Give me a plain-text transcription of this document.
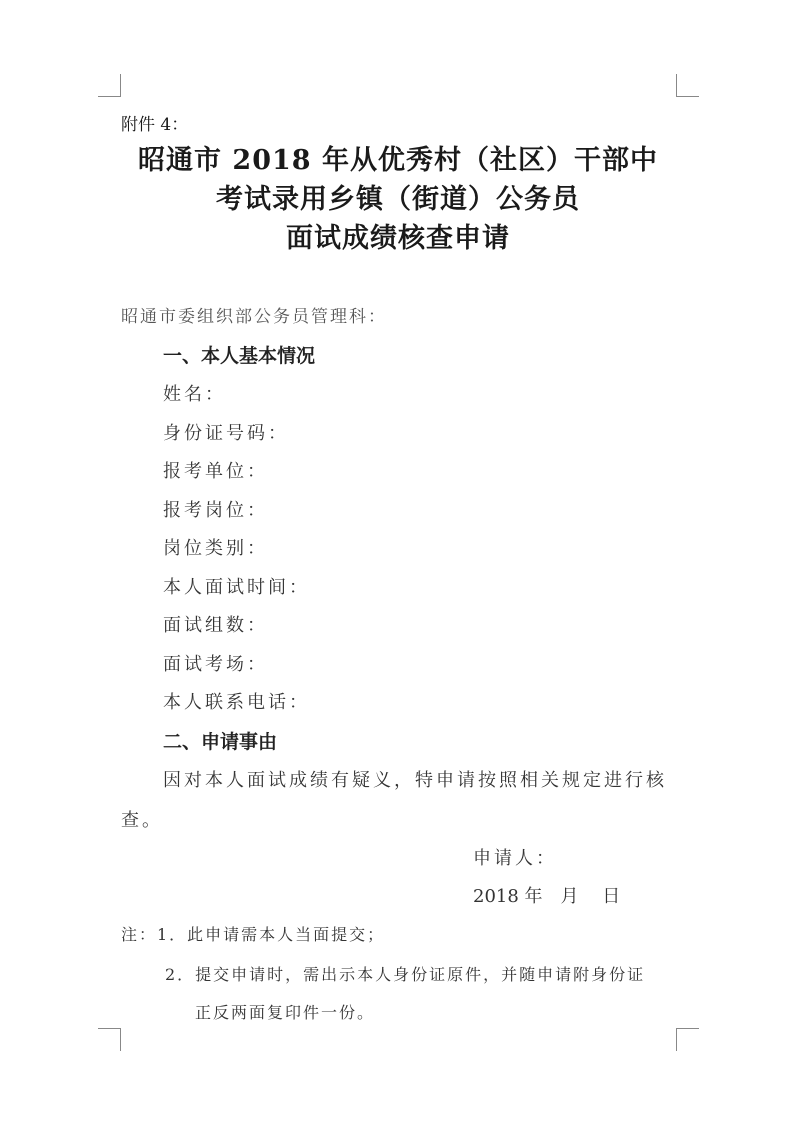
附件 4：
昭通市 2018 年从优秀村（社区）干部中
考试录用乡镇（街道）公务员
面试成绩核查申请
昭通市委组织部公务员管理科：
一、本人基本情况
姓名：
身份证号码：
报考单位：
报考岗位：
岗位类别：
本人面试时间：
面试组数：
面试考场：
本人联系电话：
二、申请事由
因对本人面试成绩有疑义，特申请按照相关规定进行核
查。
申请人：
2018 年　月　 日
注：1．此申请需本人当面提交；
2．提交申请时，需出示本人身份证原件，并随申请附身份证
正反两面复印件一份。
